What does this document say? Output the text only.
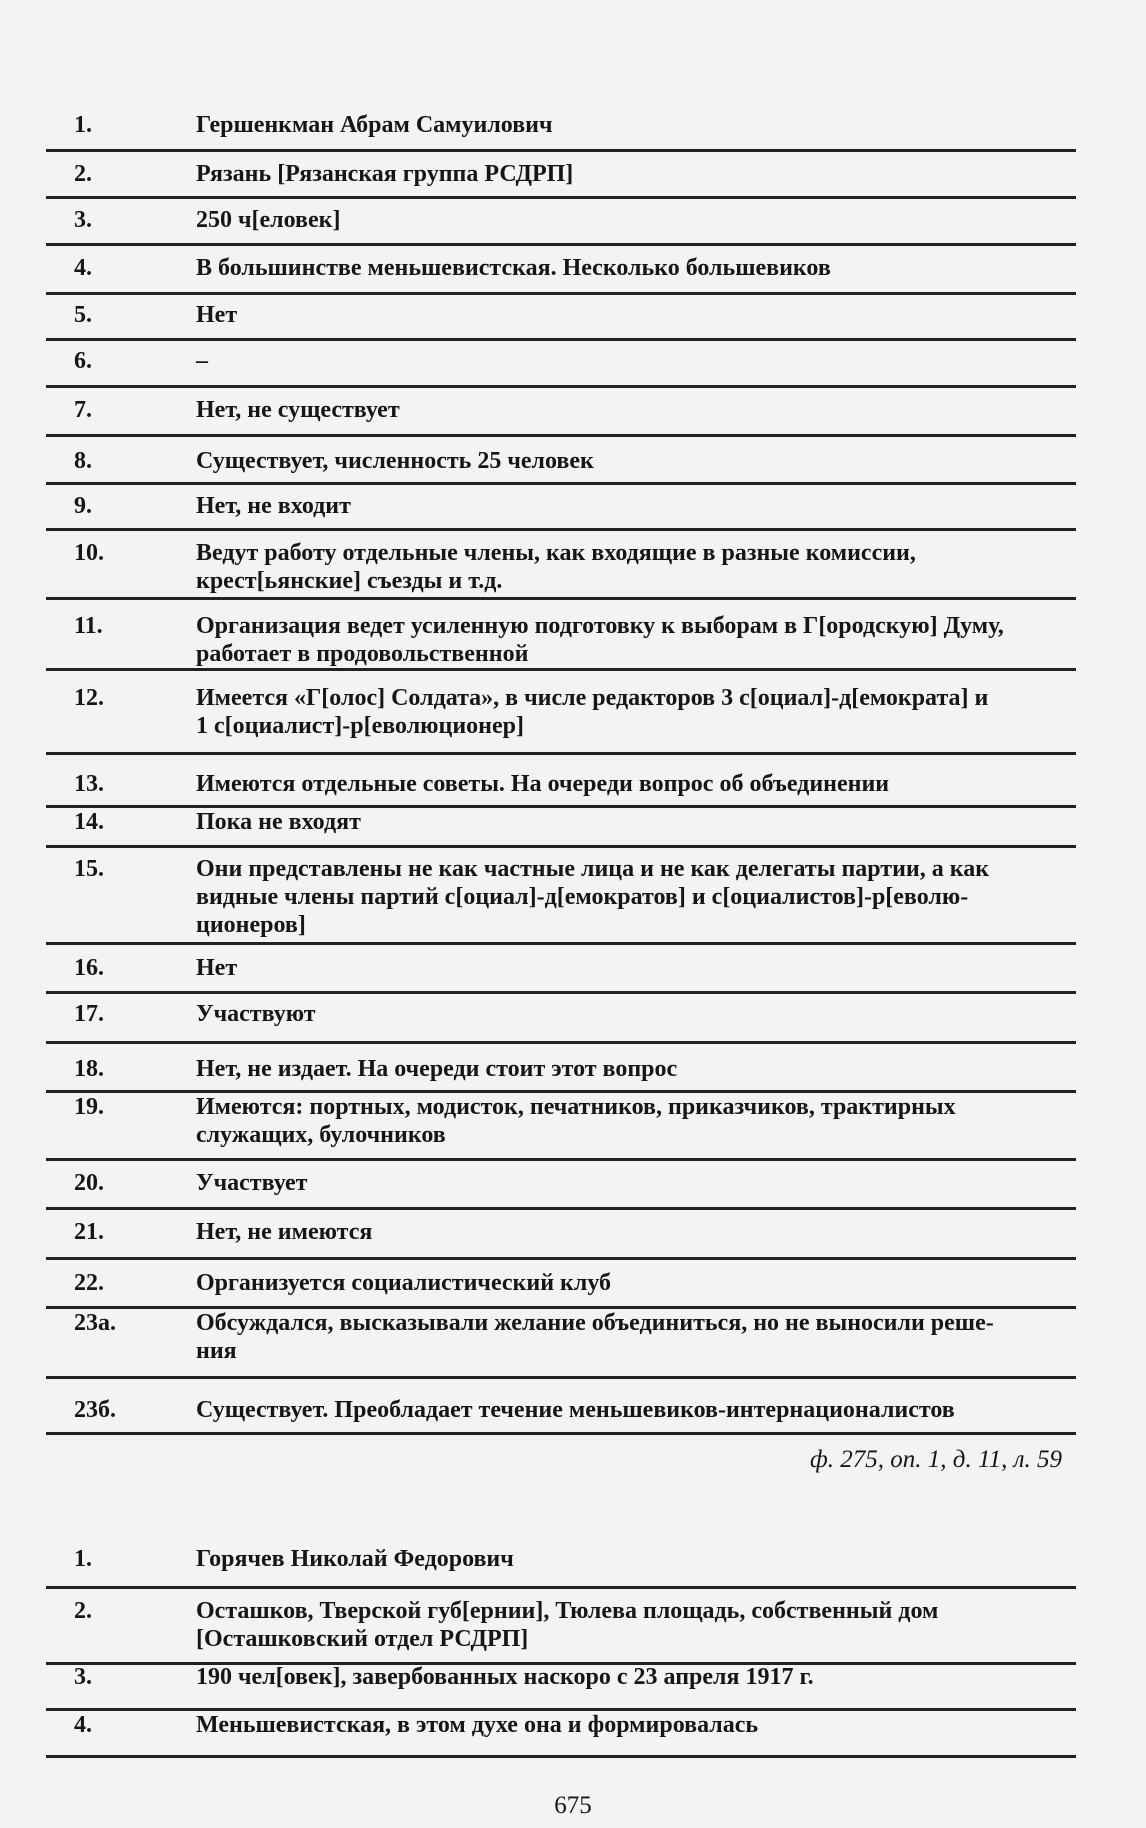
ф. 275, оп. 1, д. 11, л. 59
675
1.	Гершенкман Абрам Самуилович
2.	Рязань [Рязанская группа РСДРП]
3.	250 ч[еловек]
4.	В большинстве меньшевистская. Несколько большевиков
5.	Нет
6.	–
7.	Нет, не существует
8.	Существует, численность 25 человек
9.	Нет, не входит
10.	Ведут работу отдельные члены, как входящие в разные комиссии,
крест[ьянские] съезды и т.д.
11.	Организация ведет усиленную подготовку к выборам в Г[ородскую] Думу,
работает в продовольственной
12.	Имеется «Г[олос] Солдата», в числе редакторов 3 с[оциал]-д[емократа] и
1 с[оциалист]-р[еволюционер]
13.	Имеются отдельные советы. На очереди вопрос об объединении
14.	Пока не входят
15.	Они представлены не как частные лица и не как делегаты партии, а как
видные члены партий с[оциал]-д[емократов] и с[оциалистов]-р[еволю-
ционеров]
16.	Нет
17.	Участвуют
18.	Нет, не издает. На очереди стоит этот вопрос
19.	Имеются: портных, модисток, печатников, приказчиков, трактирных
служащих, булочников
20.	Участвует
21.	Нет, не имеются
22.	Организуется социалистический клуб
23а.	Обсуждался, высказывали желание объединиться, но не выносили реше-
ния
23б.	Существует. Преобладает течение меньшевиков-интернационалистов
1.	Горячев Николай Федорович
2.	Осташков, Тверской губ[ернии], Тюлева площадь, собственный дом
[Осташковский отдел РСДРП]
3.	190 чел[овек], завербованных наскоро с 23 апреля 1917 г.
4.	Меньшевистская, в этом духе она и формировалась
